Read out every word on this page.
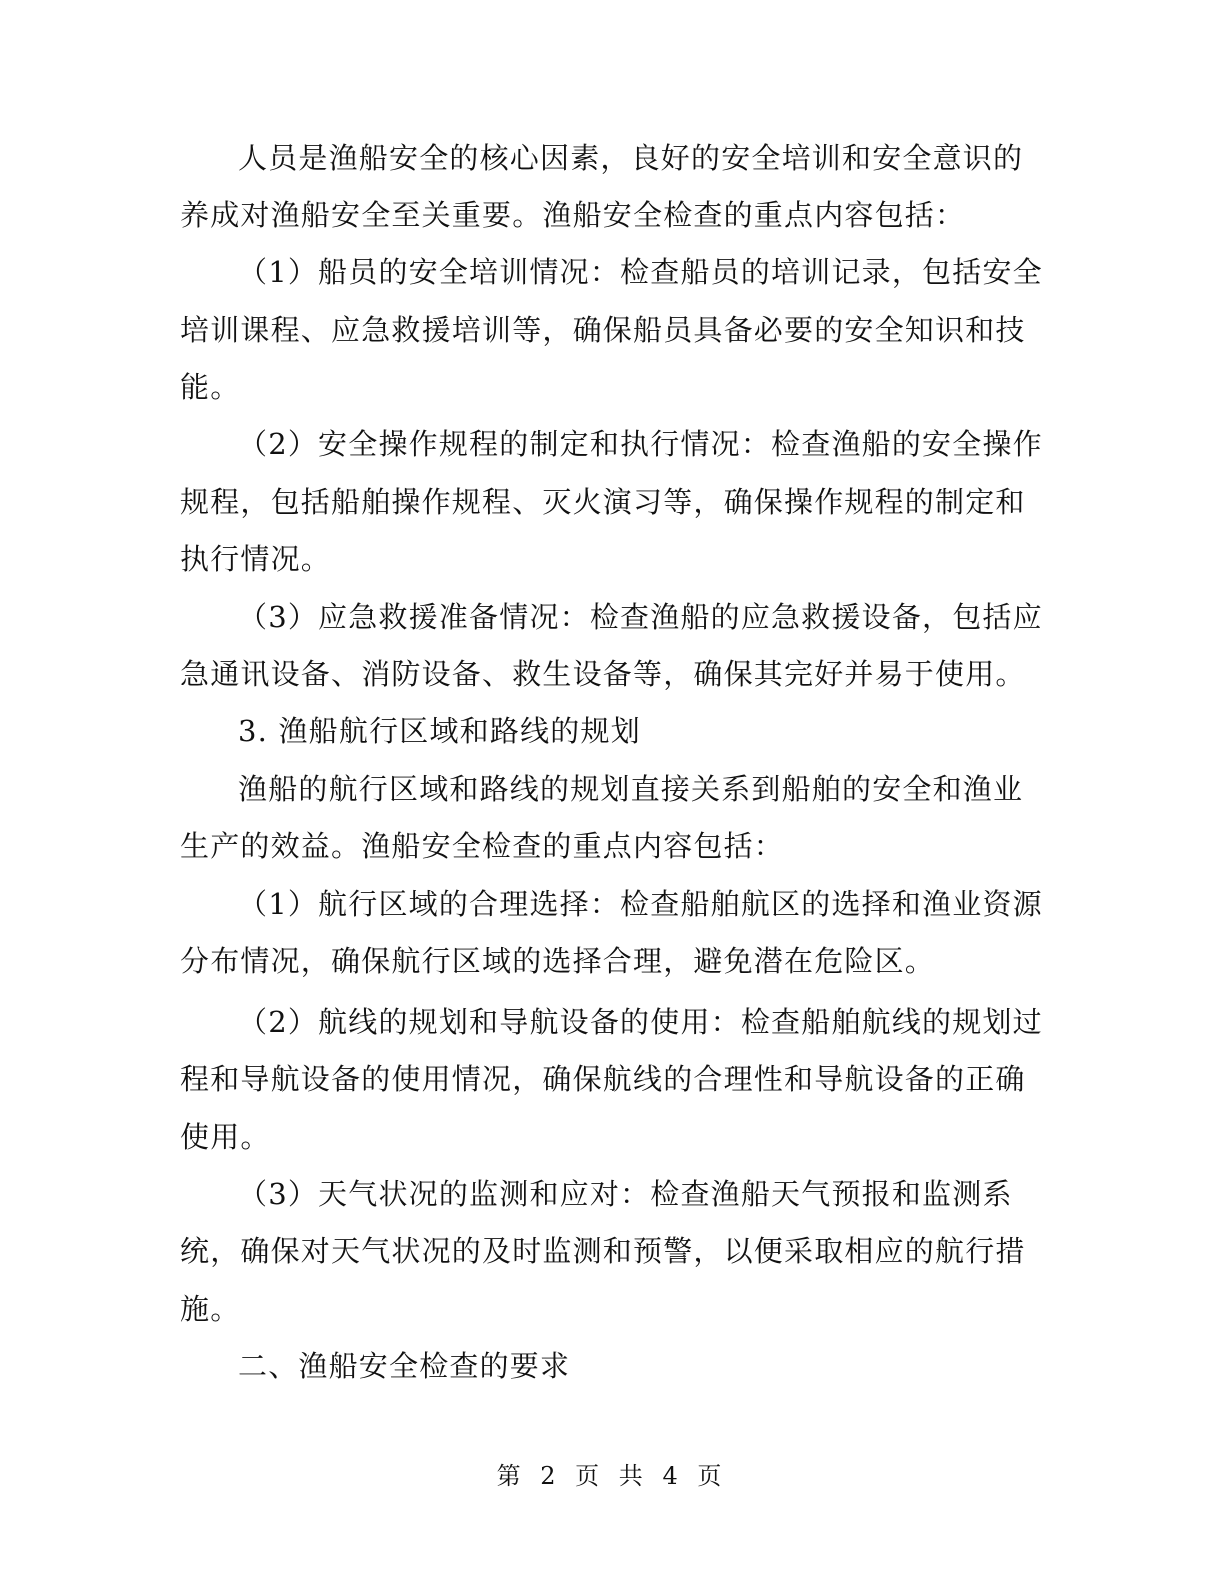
人员是渔船安全的核心因素，良好的安全培训和安全意识的
养成对渔船安全至关重要。渔船安全检查的重点内容包括：
（1）船员的安全培训情况：检查船员的培训记录，包括安全
培训课程、应急救援培训等，确保船员具备必要的安全知识和技
能。
（2）安全操作规程的制定和执行情况：检查渔船的安全操作
规程，包括船舶操作规程、灭火演习等，确保操作规程的制定和
执行情况。
（3）应急救援准备情况：检查渔船的应急救援设备，包括应
急通讯设备、消防设备、救生设备等，确保其完好并易于使用。
3. 渔船航行区域和路线的规划
渔船的航行区域和路线的规划直接关系到船舶的安全和渔业
生产的效益。渔船安全检查的重点内容包括：
（1）航行区域的合理选择：检查船舶航区的选择和渔业资源
分布情况，确保航行区域的选择合理，避免潜在危险区。
（2）航线的规划和导航设备的使用：检查船舶航线的规划过
程和导航设备的使用情况，确保航线的合理性和导航设备的正确
使用。
（3）天气状况的监测和应对：检查渔船天气预报和监测系
统，确保对天气状况的及时监测和预警，以便采取相应的航行措
施。
二、渔船安全检查的要求
第 2 页 共 4 页
